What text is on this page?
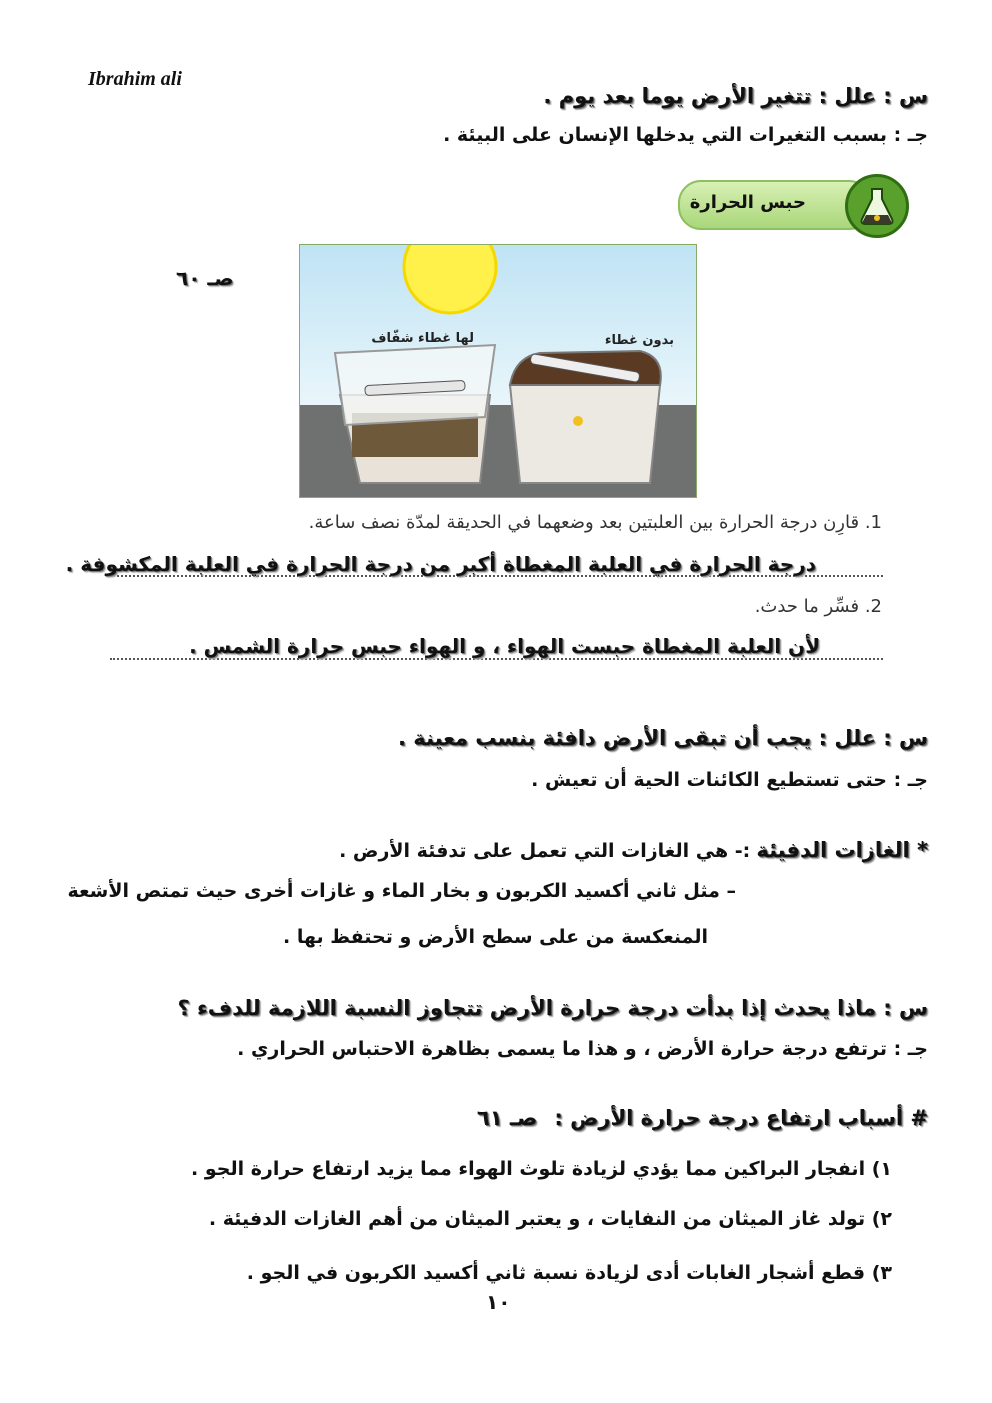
Ibrahim ali
س : علل : تتغير الأرض يوما بعد يوم .
جـ : بسبب التغيرات التي يدخلها الإنسان على البيئة .
حبس الحرارة
صـ ٦٠
لها غطاء شفّاف	بدون غطاء
1. قارِن درجة الحرارة بين العلبتين بعد وضعهما في الحديقة لمدّة نصف ساعة.
درجة الحرارة في العلبة المغطاة أكبر من درجة الحرارة في العلبة المكشوفة .
2. فسِّر ما حدث.
لأن العلبة المغطاة حبست الهواء ، و الهواء حبس حرارة الشمس .
س : علل : يجب أن تبقى الأرض دافئة بنسب معينة .
جـ : حتى تستطيع الكائنات الحية أن تعيش .
* الغازات الدفيئة :- هي الغازات التي تعمل على تدفئة الأرض .
– مثل ثاني أكسيد الكربون و بخار الماء و غازات أخرى حيث تمتص الأشعة
المنعكسة من على سطح الأرض و تحتفظ بها .
س : ماذا يحدث إذا بدأت درجة حرارة الأرض تتجاوز النسبة اللازمة للدفء ؟
جـ : ترتفع درجة حرارة الأرض ، و هذا ما يسمى بظاهرة الاحتباس الحراري .
# أسباب ارتفاع درجة حرارة الأرض : صـ ٦١
١) انفجار البراكين مما يؤدي لزيادة تلوث الهواء مما يزيد ارتفاع حرارة الجو .
٢) تولد غاز الميثان من النفايات ، و يعتبر الميثان من أهم الغازات الدفيئة .
٣) قطع أشجار الغابات أدى لزيادة نسبة ثاني أكسيد الكربون في الجو .
١٠
